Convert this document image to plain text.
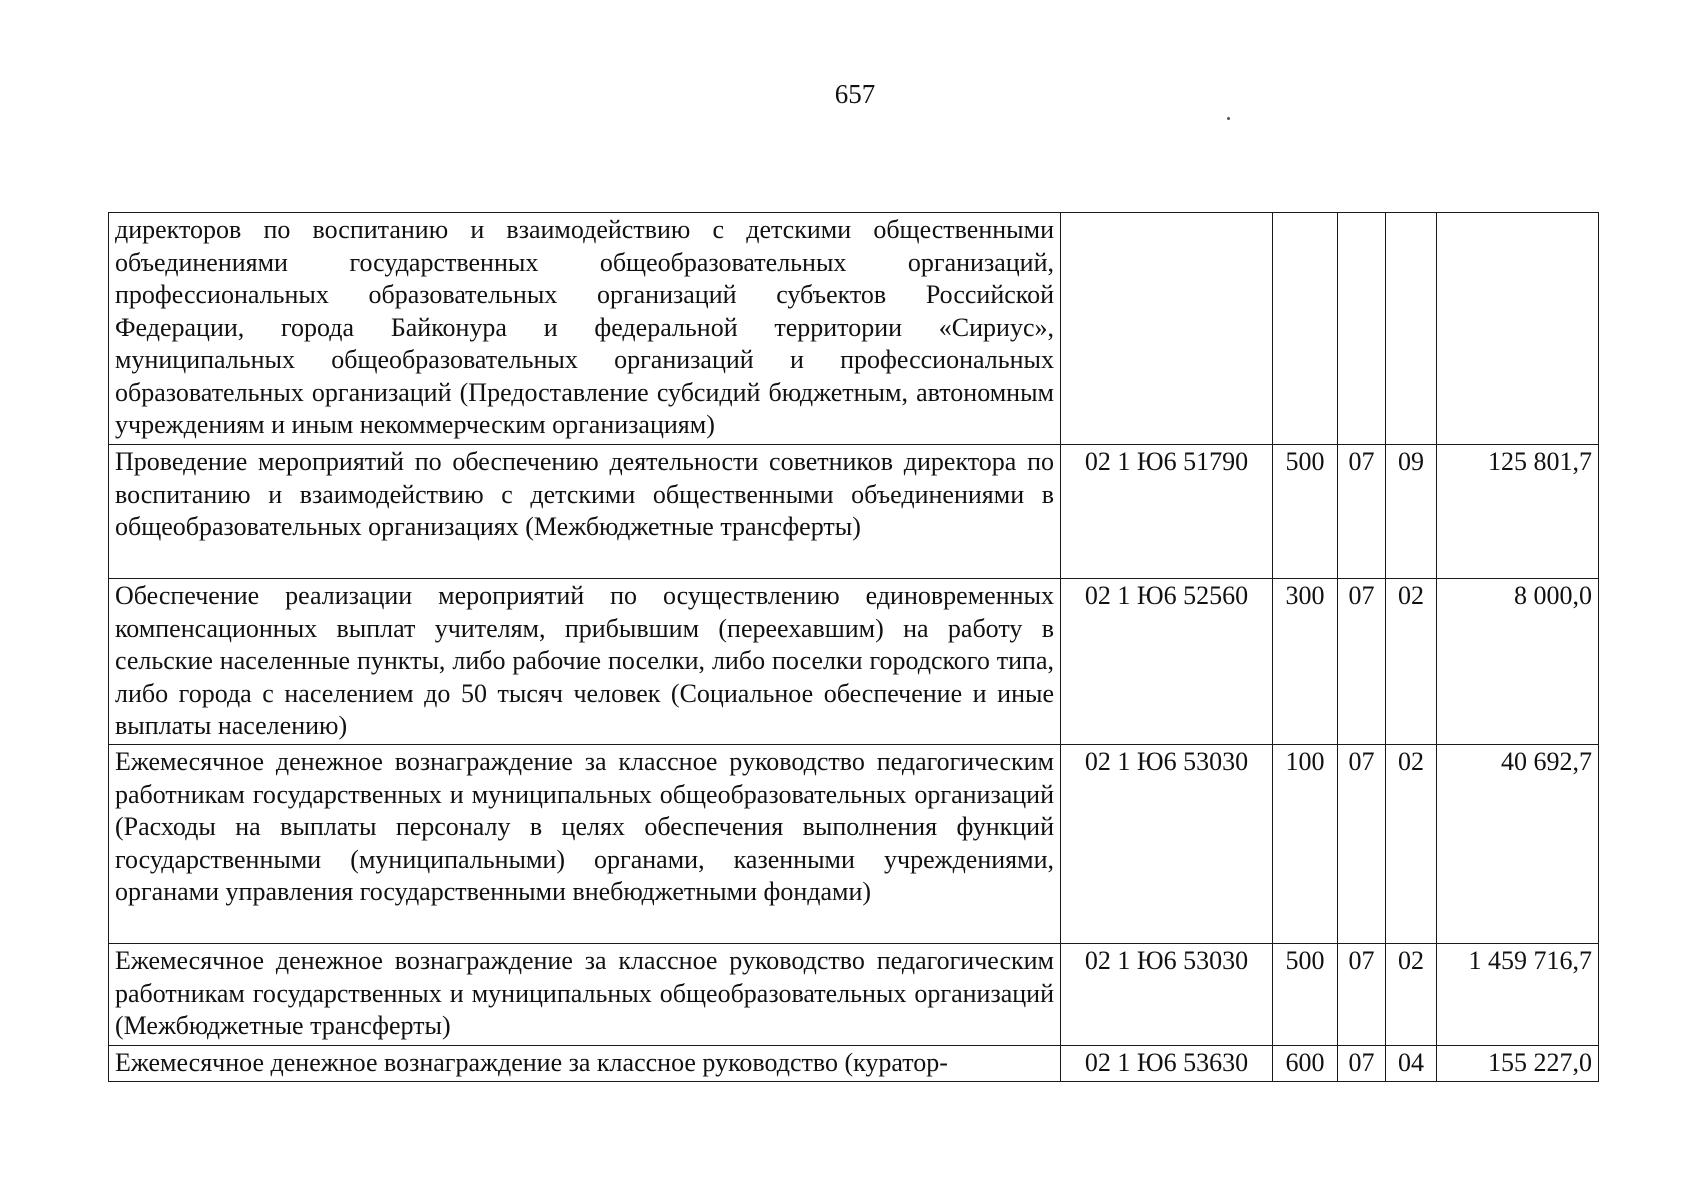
657
директоров по воспитанию и взаимодействию с детскими общественными объединениями государственных общеобразовательных организаций, профессиональных образовательных организаций субъектов Российской Федерации, города Байконура и федеральной территории «Сириус», муниципальных общеобразовательных организаций и профессиональных образовательных организаций (Предоставление субсидий бюджетным, автономным учреждениям и иным некоммерческим организациям)					
Проведение мероприятий по обеспечению деятельности советников директора по воспитанию и взаимодействию с детскими общественными объединениями в общеобразовательных организациях (Межбюджетные трансферты)	02 1 Ю6 51790	500	07	09	125 801,7
Обеспечение реализации мероприятий по осуществлению единовременных компенсационных выплат учителям, прибывшим (переехавшим) на работу в сельские населенные пункты, либо рабочие поселки, либо поселки городского типа, либо города с населением до 50 тысяч человек (Социальное обеспечение и иные выплаты населению)	02 1 Ю6 52560	300	07	02	8 000,0
Ежемесячное денежное вознаграждение за классное руководство педагогическим работникам государственных и муниципальных общеобразовательных организаций (Расходы на выплаты персоналу в целях обеспечения выполнения функций государственными (муниципальными) органами, казенными учреждениями, органами управления государственными внебюджетными фондами)	02 1 Ю6 53030	100	07	02	40 692,7
Ежемесячное денежное вознаграждение за классное руководство педагогическим работникам государственных и муниципальных общеобразовательных организаций (Межбюджетные трансферты)	02 1 Ю6 53030	500	07	02	1 459 716,7
Ежемесячное денежное вознаграждение за классное руководство (куратор-	02 1 Ю6 53630	600	07	04	155 227,0
